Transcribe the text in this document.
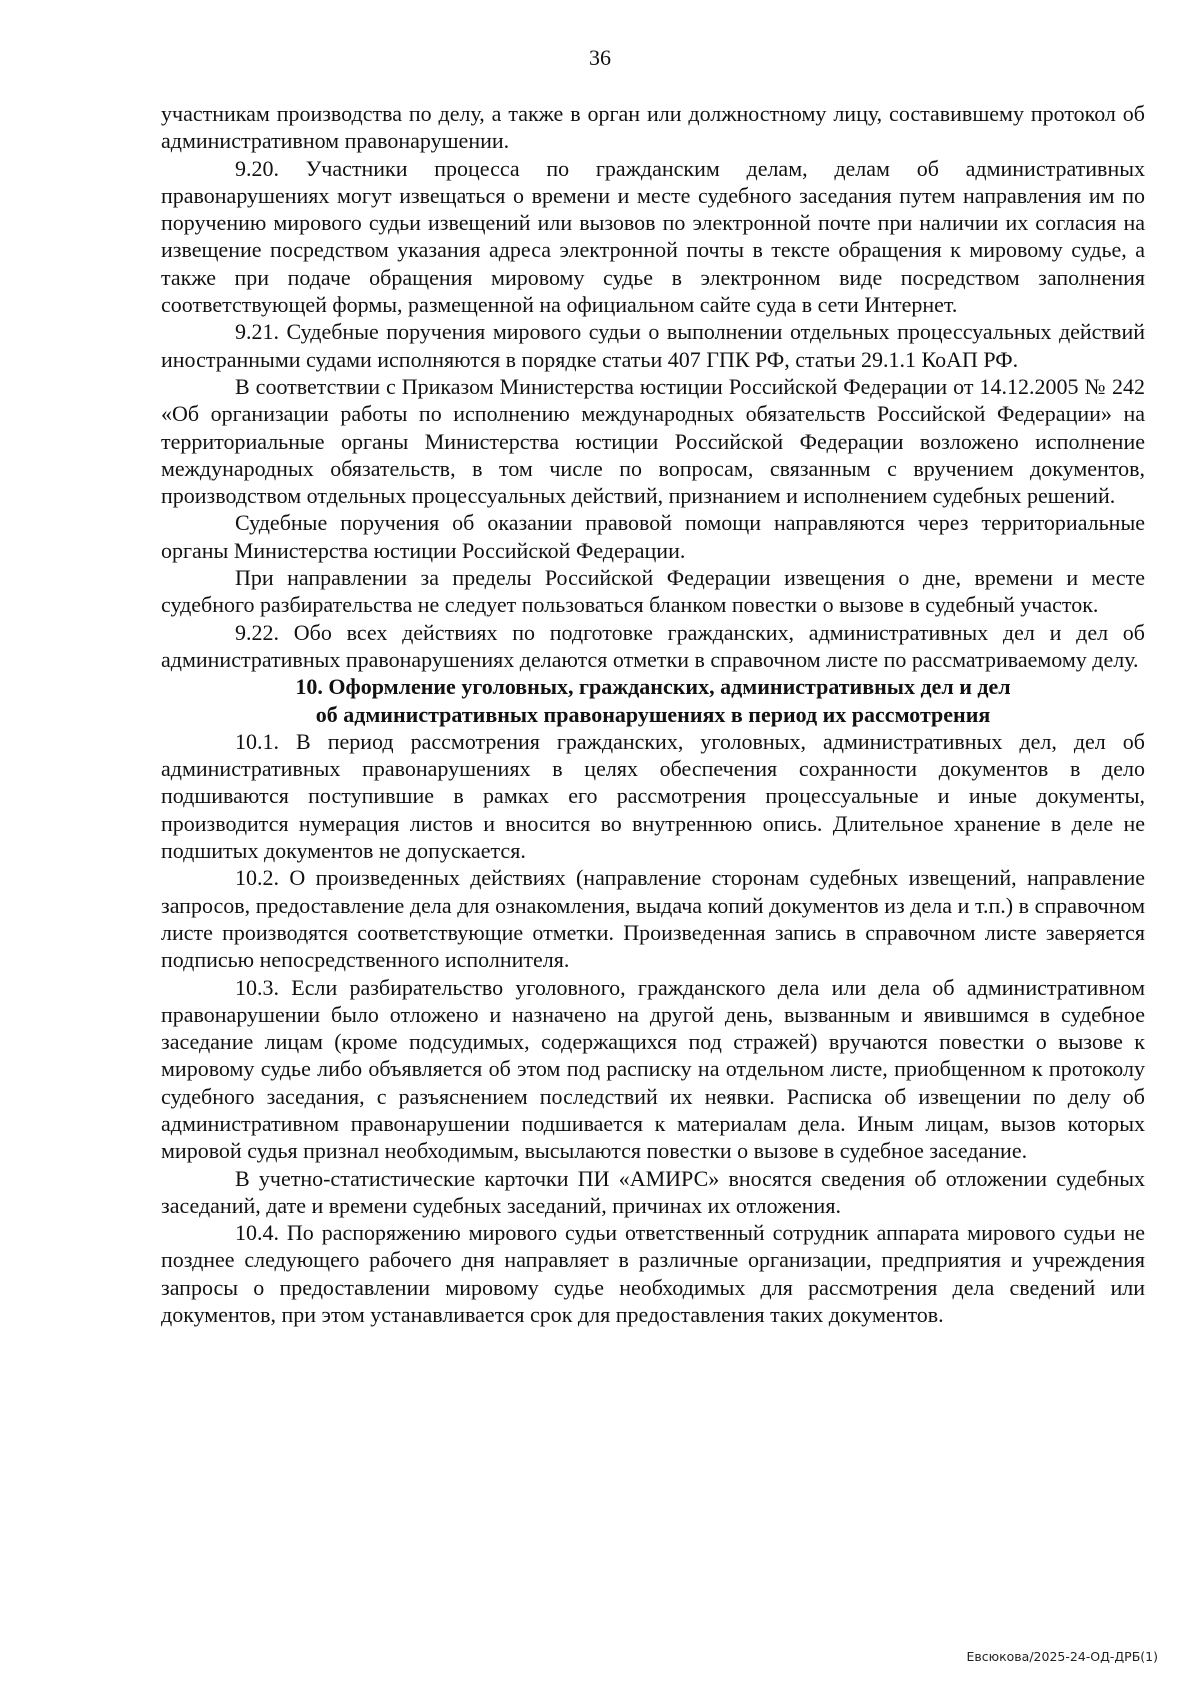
36

участникам производства по делу, а также в орган или должностному лицу, составившему протокол об административном правонарушении.

9.20. Участники процесса по гражданским делам, делам об административных правонарушениях могут извещаться о времени и месте судебного заседания путем направления им по поручению мирового судьи извещений или вызовов по электронной почте при наличии их согласия на извещение посредством указания адреса электронной почты в тексте обращения к мировому судье, а также при подаче обращения мировому судье в электронном виде посредством заполнения соответствующей формы, размещенной на официальном сайте суда в сети Интернет.

9.21. Судебные поручения мирового судьи о выполнении отдельных процессуальных действий иностранными судами исполняются в порядке статьи 407 ГПК РФ, статьи 29.1.1 КоАП РФ.

В соответствии с Приказом Министерства юстиции Российской Федерации от 14.12.2005 № 242 «Об организации работы по исполнению международных обязательств Российской Федерации» на территориальные органы Министерства юстиции Российской Федерации возложено исполнение международных обязательств, в том числе по вопросам, связанным с вручением документов, производством отдельных процессуальных действий, признанием и исполнением судебных решений.

Судебные поручения об оказании правовой помощи направляются через территориальные органы Министерства юстиции Российской Федерации.

При направлении за пределы Российской Федерации извещения о дне, времени и месте судебного разбирательства не следует пользоваться бланком повестки о вызове в судебный участок.

9.22. Обо всех действиях по подготовке гражданских, административных дел и дел об административных правонарушениях делаются отметки в справочном листе по рассматриваемому делу.

10. Оформление уголовных, гражданских, административных дел и дел
об административных правонарушениях в период их рассмотрения

10.1. В период рассмотрения гражданских, уголовных, административных дел, дел об административных правонарушениях в целях обеспечения сохранности документов в дело подшиваются поступившие в рамках его рассмотрения процессуальные и иные документы, производится нумерация листов и вносится во внутреннюю опись. Длительное хранение в деле не подшитых документов не допускается.

10.2. О произведенных действиях (направление сторонам судебных извещений, направление запросов, предоставление дела для ознакомления, выдача копий документов из дела и т.п.) в справочном листе производятся соответствующие отметки. Произведенная запись в справочном листе заверяется подписью непосредственного исполнителя.

10.3. Если разбирательство уголовного, гражданского дела или дела об административном правонарушении было отложено и назначено на другой день, вызванным и явившимся в судебное заседание лицам (кроме подсудимых, содержащихся под стражей) вручаются повестки о вызове к мировому судье либо объявляется об этом под расписку на отдельном листе, приобщенном к протоколу судебного заседания, с разъяснением последствий их неявки. Расписка об извещении по делу об административном правонарушении подшивается к материалам дела. Иным лицам, вызов которых мировой судья признал необходимым, высылаются повестки о вызове в судебное заседание.

В учетно-статистические карточки ПИ «АМИРС» вносятся сведения об отложении судебных заседаний, дате и времени судебных заседаний, причинах их отложения.

10.4. По распоряжению мирового судьи ответственный сотрудник аппарата мирового судьи не позднее следующего рабочего дня направляет в различные организации, предприятия и учреждения запросы о предоставлении мировому судье необходимых для рассмотрения дела сведений или документов, при этом устанавливается срок для предоставления таких документов.

Евсюкова/2025-24-ОД-ДРБ(1)
